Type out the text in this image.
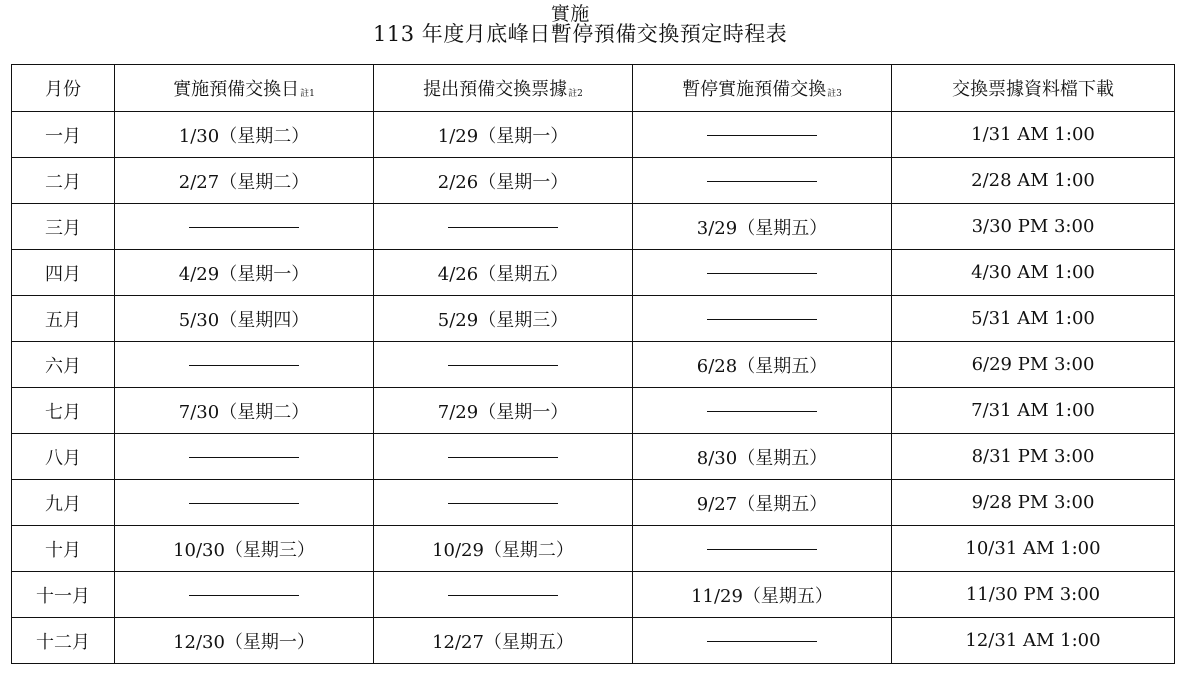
113 年度月底峰日
實施
暫停預備交換預定時程表
月份	實施預備交換日註1	提出預備交換票據註2	暫停實施預備交換註3	交換票據資料檔下載
一月	1/30（星期二）	1/29（星期一）		1/31 AM 1:00
二月	2/27（星期二）	2/26（星期一）		2/28 AM 1:00
三月			3/29（星期五）	3/30 PM 3:00
四月	4/29（星期一）	4/26（星期五）		4/30 AM 1:00
五月	5/30（星期四）	5/29（星期三）		5/31 AM 1:00
六月			6/28（星期五）	6/29 PM 3:00
七月	7/30（星期二）	7/29（星期一）		7/31 AM 1:00
八月			8/30（星期五）	8/31 PM 3:00
九月			9/27（星期五）	9/28 PM 3:00
十月	10/30（星期三）	10/29（星期二）		10/31 AM 1:00
十一月			11/29（星期五）	11/30 PM 3:00
十二月	12/30（星期一）	12/27（星期五）		12/31 AM 1:00
